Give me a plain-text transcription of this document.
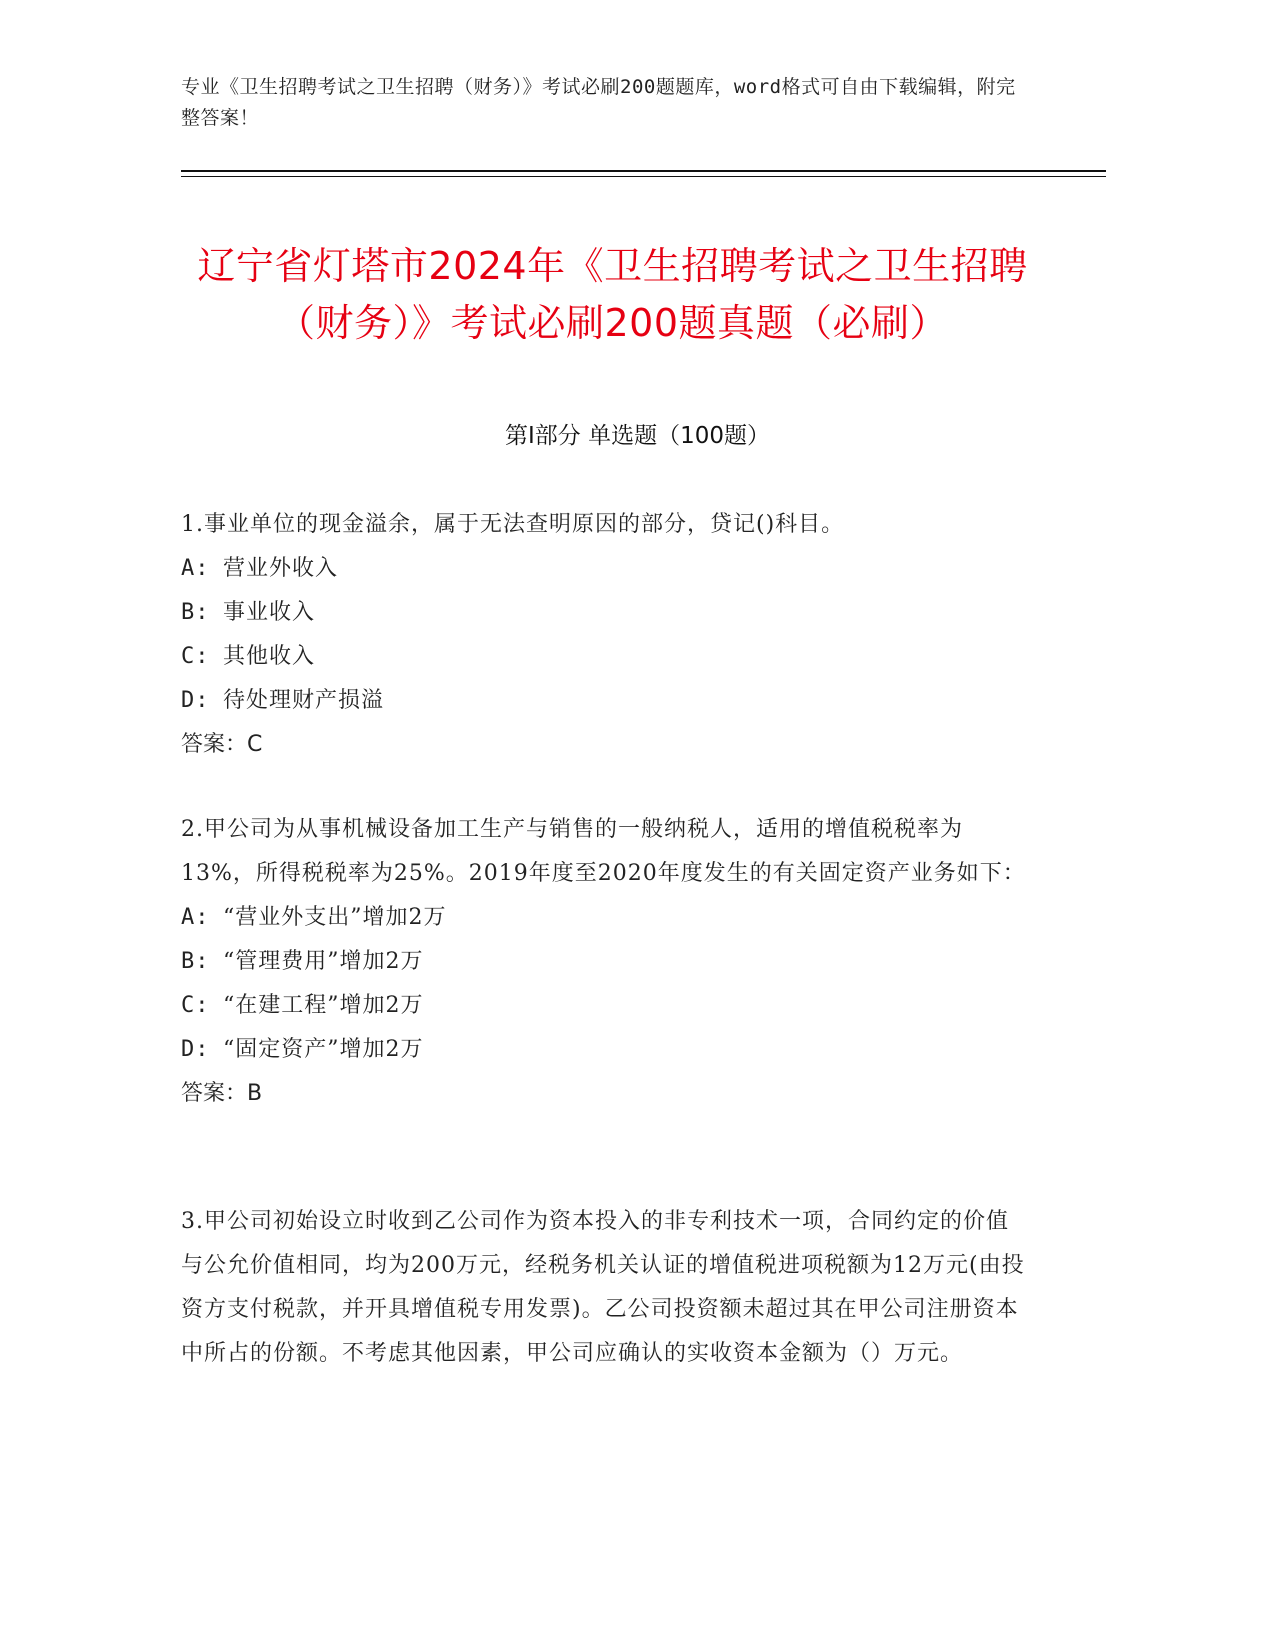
专业《卫生招聘考试之卫生招聘（财务）》考试必刷200题题库，word格式可自由下载编辑，附完整答案！
辽宁省灯塔市2024年《卫生招聘考试之卫生招聘（财务）》考试必刷200题真题（必刷）
第Ⅰ部分 单选题（100题）
1.事业单位的现金溢余，属于无法查明原因的部分，贷记()科目。
A: 营业外收入
B: 事业收入
C: 其他收入
D: 待处理财产损溢
答案：C
2.甲公司为从事机械设备加工生产与销售的一般纳税人，适用的增值税税率为13%，所得税税率为25%。2019年度至2020年度发生的有关固定资产业务如下：
A: “营业外支出”增加2万
B: “管理费用”增加2万
C: “在建工程”增加2万
D: “固定资产”增加2万
答案：B
3.甲公司初始设立时收到乙公司作为资本投入的非专利技术一项，合同约定的价值与公允价值相同，均为200万元，经税务机关认证的增值税进项税额为12万元(由投资方支付税款，并开具增值税专用发票)。乙公司投资额未超过其在甲公司注册资本中所占的份额。不考虑其他因素，甲公司应确认的实收资本金额为（）万元。
